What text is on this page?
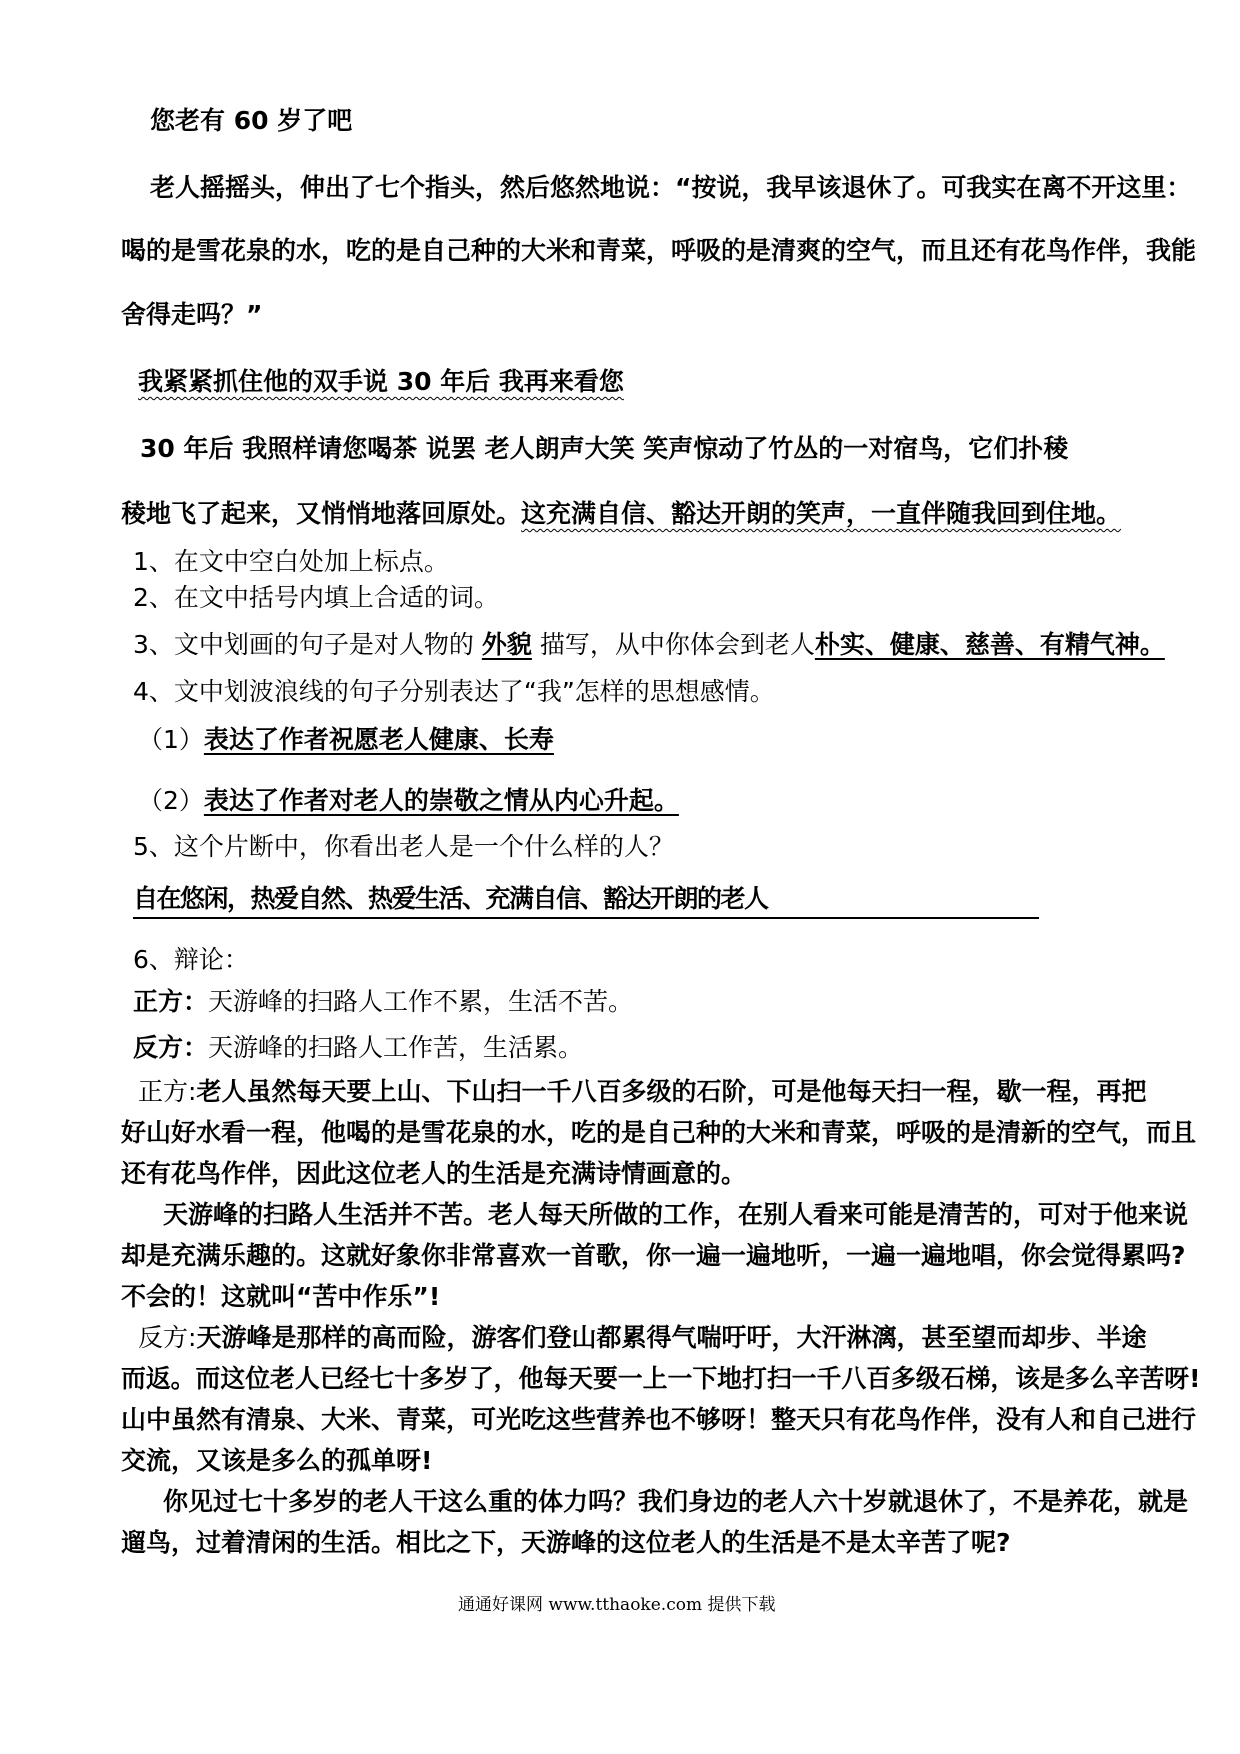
您老有 60 岁了吧
老人摇摇头，伸出了七个指头，然后悠然地说：“按说，我早该退休了。可我实在离不开这里：
喝的是雪花泉的水，吃的是自己种的大米和青菜，呼吸的是清爽的空气，而且还有花鸟作伴，我能
舍得走吗？”
我紧紧抓住他的双手说 30 年后 我再来看您
30 年后 我照样请您喝茶 说罢 老人朗声大笑 笑声惊动了竹丛的一对宿鸟，它们扑稜
稜地飞了起来，又悄悄地落回原处。这充满自信、豁达开朗的笑声，一直伴随我回到住地。
1、在文中空白处加上标点。
2、在文中括号内填上合适的词。
3、文中划画的句子是对人物的 外貌 描写，从中你体会到老人朴实、健康、慈善、有精气神。
4、文中划波浪线的句子分别表达了“我”怎样的思想感情。
（1）表达了作者祝愿老人健康、长寿
（2）表达了作者对老人的崇敬之情从内心升起。
5、这个片断中，你看出老人是一个什么样的人？
自在悠闲，热爱自然、热爱生活、充满自信、豁达开朗的老人
6、辩论：
正方：天游峰的扫路人工作不累，生活不苦。
反方：天游峰的扫路人工作苦，生活累。
正方:老人虽然每天要上山、下山扫一千八百多级的石阶，可是他每天扫一程，歇一程，再把
好山好水看一程，他喝的是雪花泉的水，吃的是自己种的大米和青菜，呼吸的是清新的空气，而且
还有花鸟作伴，因此这位老人的生活是充满诗情画意的。
天游峰的扫路人生活并不苦。老人每天所做的工作，在别人看来可能是清苦的，可对于他来说
却是充满乐趣的。这就好象你非常喜欢一首歌，你一遍一遍地听，一遍一遍地唱，你会觉得累吗?
不会的！这就叫“苦中作乐”!
反方:天游峰是那样的高而险，游客们登山都累得气喘吁吁，大汗淋漓，甚至望而却步、半途
而返。而这位老人已经七十多岁了，他每天要一上一下地打扫一千八百多级石梯，该是多么辛苦呀!
山中虽然有清泉、大米、青菜，可光吃这些营养也不够呀！整天只有花鸟作伴，没有人和自己进行
交流，又该是多么的孤单呀!
你见过七十多岁的老人干这么重的体力吗？我们身边的老人六十岁就退休了，不是养花，就是
遛鸟，过着清闲的生活。相比之下，天游峰的这位老人的生活是不是太辛苦了呢?
通通好课网 www.tthaoke.com 提供下载
